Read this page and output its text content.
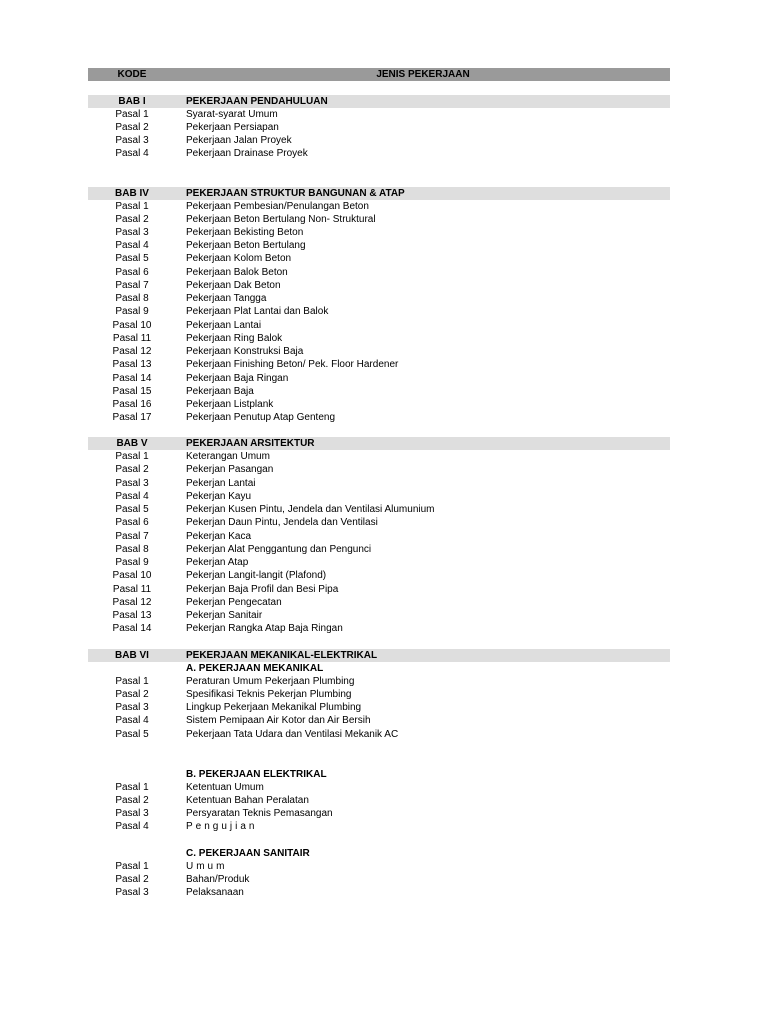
KODE	JENIS PEKERJAAN
BAB I	PEKERJAAN PENDAHULUAN
Pasal 1	Syarat-syarat Umum
Pasal 2	Pekerjaan Persiapan
Pasal 3	Pekerjaan Jalan Proyek
Pasal 4	Pekerjaan Drainase Proyek
BAB IV	PEKERJAAN STRUKTUR BANGUNAN & ATAP
Pasal 1	Pekerjaan Pembesian/Penulangan Beton
Pasal 2	Pekerjaan Beton Bertulang Non- Struktural
Pasal 3	Pekerjaan Bekisting Beton
Pasal 4	Pekerjaan Beton Bertulang
Pasal 5	Pekerjaan Kolom Beton
Pasal 6	Pekerjaan Balok Beton
Pasal 7	Pekerjaan Dak Beton
Pasal 8	Pekerjaan Tangga
Pasal 9	Pekerjaan Plat Lantai dan Balok
Pasal 10	Pekerjaan Lantai
Pasal 11	Pekerjaan Ring Balok
Pasal 12	Pekerjaan Konstruksi Baja
Pasal 13	Pekerjaan Finishing Beton/ Pek. Floor Hardener
Pasal 14	Pekerjaan Baja Ringan
Pasal 15	Pekerjaan Baja
Pasal 16	Pekerjaan Listplank
Pasal 17	Pekerjaan Penutup Atap Genteng
BAB V	PEKERJAAN ARSITEKTUR
Pasal 1	Keterangan Umum
Pasal 2	Pekerjan Pasangan
Pasal 3	Pekerjan Lantai
Pasal 4	Pekerjan Kayu
Pasal 5	Pekerjan Kusen Pintu, Jendela dan Ventilasi Alumunium
Pasal 6	Pekerjan Daun Pintu, Jendela dan Ventilasi
Pasal 7	Pekerjan Kaca
Pasal 8	Pekerjan Alat Penggantung dan Pengunci
Pasal 9	Pekerjan Atap
Pasal 10	Pekerjan Langit-langit (Plafond)
Pasal 11	Pekerjan Baja Profil dan Besi Pipa
Pasal 12	Pekerjan Pengecatan
Pasal 13	Pekerjan Sanitair
Pasal 14	Pekerjan Rangka Atap Baja Ringan
BAB VI	PEKERJAAN MEKANIKAL-ELEKTRIKAL
A. PEKERJAAN MEKANIKAL
Pasal 1	Peraturan Umum Pekerjaan Plumbing
Pasal 2	Spesifikasi Teknis Pekerjan Plumbing
Pasal 3	Lingkup Pekerjaan Mekanikal Plumbing
Pasal 4	Sistem Pemipaan Air Kotor dan Air Bersih
Pasal 5	Pekerjaan Tata Udara dan Ventilasi Mekanik AC
B. PEKERJAAN ELEKTRIKAL
Pasal 1	Ketentuan Umum
Pasal 2	Ketentuan Bahan Peralatan
Pasal 3	Persyaratan Teknis Pemasangan
Pasal 4	Pengujian
C. PEKERJAAN SANITAIR
Pasal 1	Umum
Pasal 2	Bahan/Produk
Pasal 3	Pelaksanaan
